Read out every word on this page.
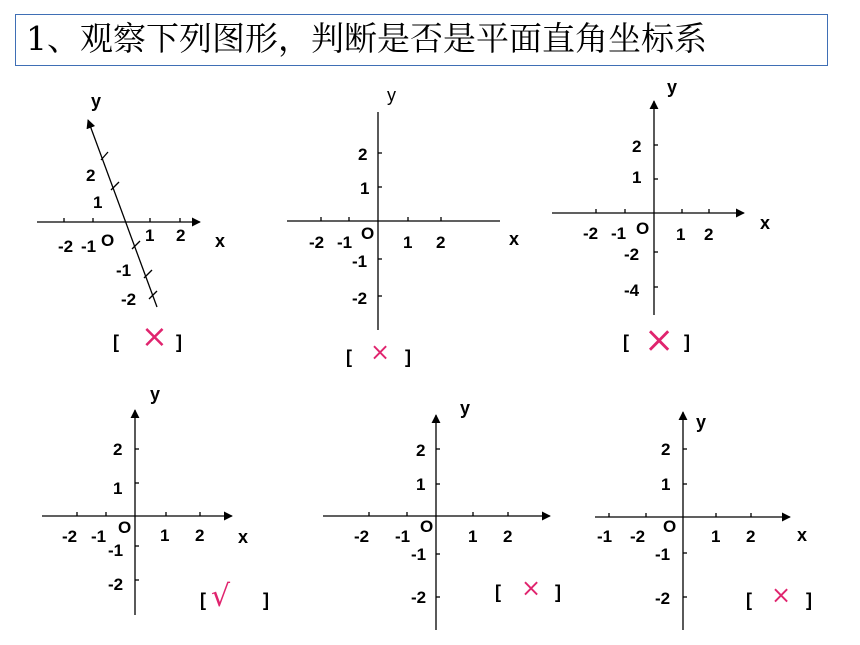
1、观察下列图形，判断是否是平面直角坐标系
-2 -1
1 2
2
1
-1
-2
O	x
y
[ × ]
-2 -1	1 2
2
1
-1
-2
O	x
y
[ × ]
-2 -1	1 2
2
1
-2
-4
O	x
y
[ × ]
-2 -1	1 2
2
1
-1
-2
O	x
y
[ √ ]
-2 -1	1 2
2
1
-1
-2
O
y
[ × ]
-1 -2	1 2
2
1
-1
-2
O	x
y
[ × ]
